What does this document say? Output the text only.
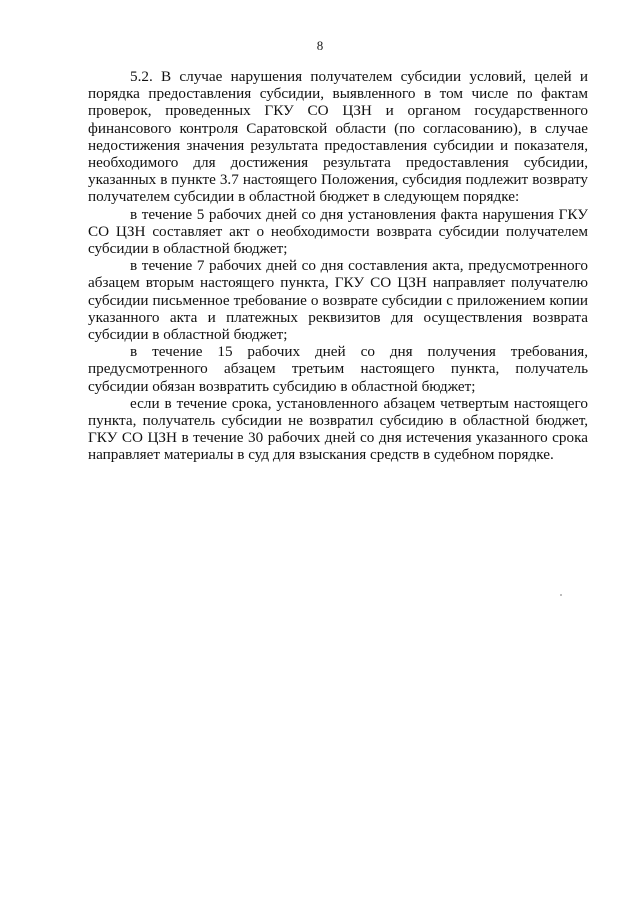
8

5.2. В случае нарушения получателем субсидии условий, целей и порядка предоставления субсидии, выявленного в том числе по фактам проверок, проведенных ГКУ СО ЦЗН и органом государственного финансового контроля Саратовской области (по согласованию), в случае недостижения значения результата предоставления субсидии и показателя, необходимого для достижения результата предоставления субсидии, указанных в пункте 3.7 настоящего Положения, субсидия подлежит возврату получателем субсидии в областной бюджет в следующем порядке:

в течение 5 рабочих дней со дня установления факта нарушения ГКУ СО ЦЗН составляет акт о необходимости возврата субсидии получателем субсидии в областной бюджет;

в течение 7 рабочих дней со дня составления акта, предусмотренного абзацем вторым настоящего пункта, ГКУ СО ЦЗН направляет получателю субсидии письменное требование о возврате субсидии с приложением копии указанного акта и платежных реквизитов для осуществления возврата субсидии в областной бюджет;

в течение 15 рабочих дней со дня получения требования, предусмотренного абзацем третьим настоящего пункта, получатель субсидии обязан возвратить субсидию в областной бюджет;

если в течение срока, установленного абзацем четвертым настоящего пункта, получатель субсидии не возвратил субсидию в областной бюджет, ГКУ СО ЦЗН в течение 30 рабочих дней со дня истечения указанного срока направляет материалы в суд для взыскания средств в судебном порядке.
